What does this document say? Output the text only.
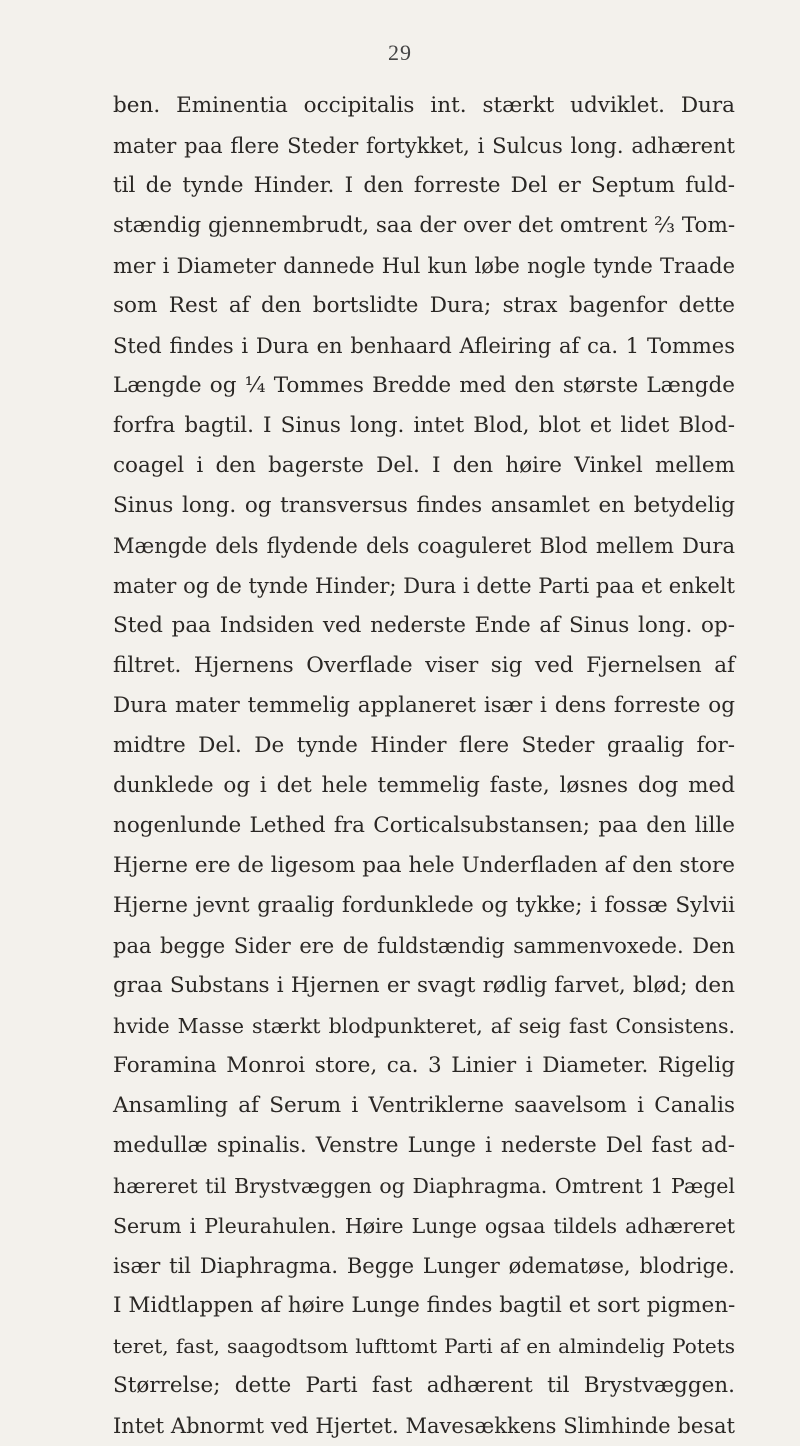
29
ben. Eminentia occipitalis int. stærkt udviklet. Dura
mater paa flere Steder fortykket, i Sulcus long. adhærent
til de tynde Hinder. I den forreste Del er Septum fuld-
stændig gjennembrudt, saa der over det omtrent ⅔ Tom-
mer i Diameter dannede Hul kun løbe nogle tynde Traade
som Rest af den bortslidte Dura; strax bagenfor dette
Sted findes i Dura en benhaard Afleiring af ca. 1 Tommes
Længde og ¼ Tommes Bredde med den største Længde
forfra bagtil. I Sinus long. intet Blod, blot et lidet Blod-
coagel i den bagerste Del. I den høire Vinkel mellem
Sinus long. og transversus findes ansamlet en betydelig
Mængde dels flydende dels coaguleret Blod mellem Dura
mater og de tynde Hinder; Dura i dette Parti paa et enkelt
Sted paa Indsiden ved nederste Ende af Sinus long. op-
filtret. Hjernens Overflade viser sig ved Fjernelsen af
Dura mater temmelig applaneret især i dens forreste og
midtre Del. De tynde Hinder flere Steder graalig for-
dunklede og i det hele temmelig faste, løsnes dog med
nogenlunde Lethed fra Corticalsubstansen; paa den lille
Hjerne ere de ligesom paa hele Underfladen af den store
Hjerne jevnt graalig fordunklede og tykke; i fossæ Sylvii
paa begge Sider ere de fuldstændig sammenvoxede. Den
graa Substans i Hjernen er svagt rødlig farvet, blød; den
hvide Masse stærkt blodpunkteret, af seig fast Consistens.
Foramina Monroi store, ca. 3 Linier i Diameter. Rigelig
Ansamling af Serum i Ventriklerne saavelsom i Canalis
medullæ spinalis. Venstre Lunge i nederste Del fast ad-
hæreret til Brystvæggen og Diaphragma. Omtrent 1 Pægel
Serum i Pleurahulen. Høire Lunge ogsaa tildels adhæreret
især til Diaphragma. Begge Lunger ødematøse, blodrige.
I Midtlappen af høire Lunge findes bagtil et sort pigmen-
teret, fast, saagodtsom lufttomt Parti af en almindelig Potets
Størrelse; dette Parti fast adhærent til Brystvæggen.
Intet Abnormt ved Hjertet. Mavesækkens Slimhinde besat
